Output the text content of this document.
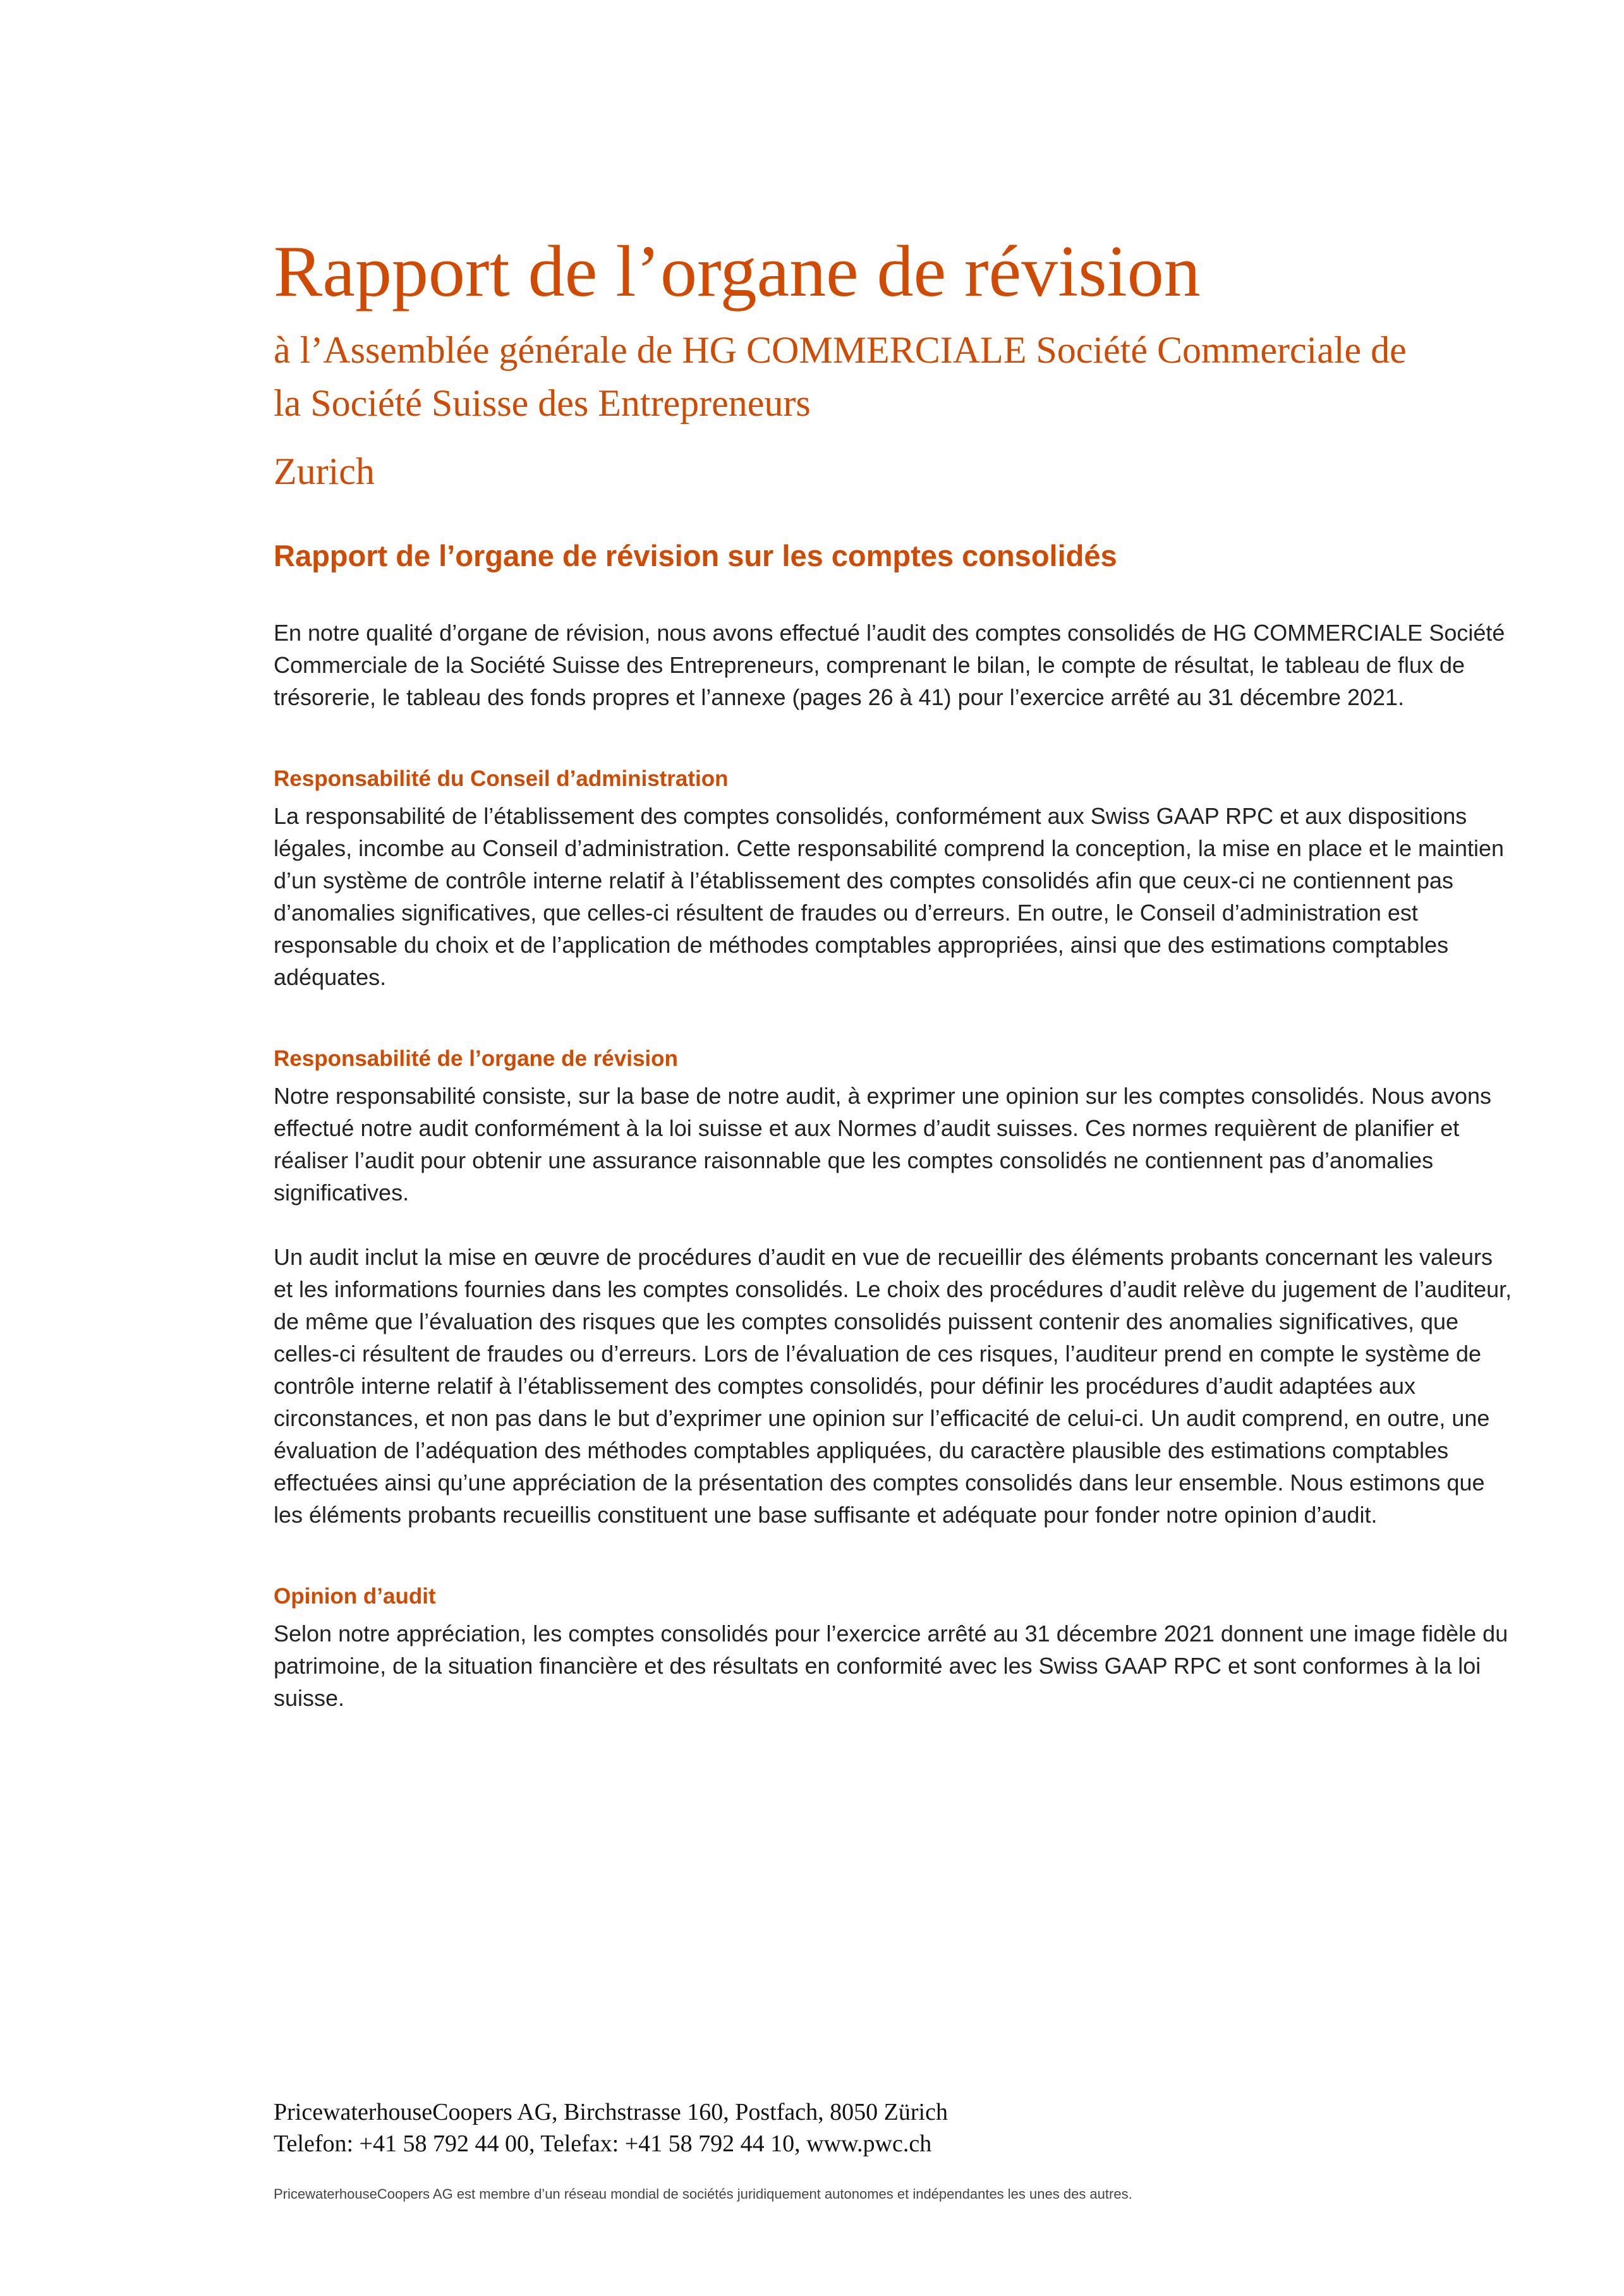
Rapport de l’organe de révision
à l’Assemblée générale de HG COMMERCIALE Société Commerciale de
la Société Suisse des Entrepreneurs
Zurich
Rapport de l’organe de révision sur les comptes consolidés

En notre qualité d’organe de révision, nous avons effectué l’audit des comptes consolidés de HG COMMERCIALE Société Commerciale de la Société Suisse des Entrepreneurs, comprenant le bilan, le compte de résultat, le tableau de flux de trésorerie, le tableau des fonds propres et l’annexe (pages 26 à 41) pour l’exercice arrêté au 31 décembre 2021.

Responsabilité du Conseil d’administration

La responsabilité de l’établissement des comptes consolidés, conformément aux Swiss GAAP RPC et aux dispositions légales, incombe au Conseil d’administration. Cette responsabilité comprend la conception, la mise en place et le maintien d’un système de contrôle interne relatif à l’établissement des comptes consolidés afin que ceux-ci ne contiennent pas d’anomalies significatives, que celles-ci résultent de fraudes ou d’erreurs. En outre, le Conseil d’administration est responsable du choix et de l’application de méthodes comptables appropriées, ainsi que des estimations comptables adéquates.

Responsabilité de l’organe de révision

Notre responsabilité consiste, sur la base de notre audit, à exprimer une opinion sur les comptes consolidés. Nous avons effectué notre audit conformément à la loi suisse et aux Normes d’audit suisses. Ces normes requièrent de planifier et réaliser l’audit pour obtenir une assurance raisonnable que les comptes consolidés ne contiennent pas d’anomalies significatives.

Un audit inclut la mise en œuvre de procédures d’audit en vue de recueillir des éléments probants concernant les valeurs et les informations fournies dans les comptes consolidés. Le choix des procédures d’audit relève du jugement de l’auditeur, de même que l’évaluation des risques que les comptes consolidés puissent contenir des anomalies significatives, que celles-ci résultent de fraudes ou d’erreurs. Lors de l’évaluation de ces risques, l’auditeur prend en compte le système de contrôle interne relatif à l’établissement des comptes consolidés, pour définir les procédures d’audit adaptées aux circonstances, et non pas dans le but d’exprimer une opinion sur l’efficacité de celui-ci. Un audit comprend, en outre, une évaluation de l’adéquation des méthodes comptables appliquées, du caractère plausible des estimations comptables effectuées ainsi qu’une appréciation de la présentation des comptes consolidés dans leur ensemble. Nous estimons que les éléments probants recueillis constituent une base suffisante et adéquate pour fonder notre opinion d’audit.

Opinion d’audit

Selon notre appréciation, les comptes consolidés pour l’exercice arrêté au 31 décembre 2021 donnent une image fidèle du patrimoine, de la situation financière et des résultats en conformité avec les Swiss GAAP RPC et sont conformes à la loi suisse.

PricewaterhouseCoopers AG, Birchstrasse 160, Postfach, 8050 Zürich

Telefon: +41 58 792 44 00, Telefax: +41 58 792 44 10, www.pwc.ch

PricewaterhouseCoopers AG est membre d’un réseau mondial de sociétés juridiquement autonomes et indépendantes les unes des autres.
